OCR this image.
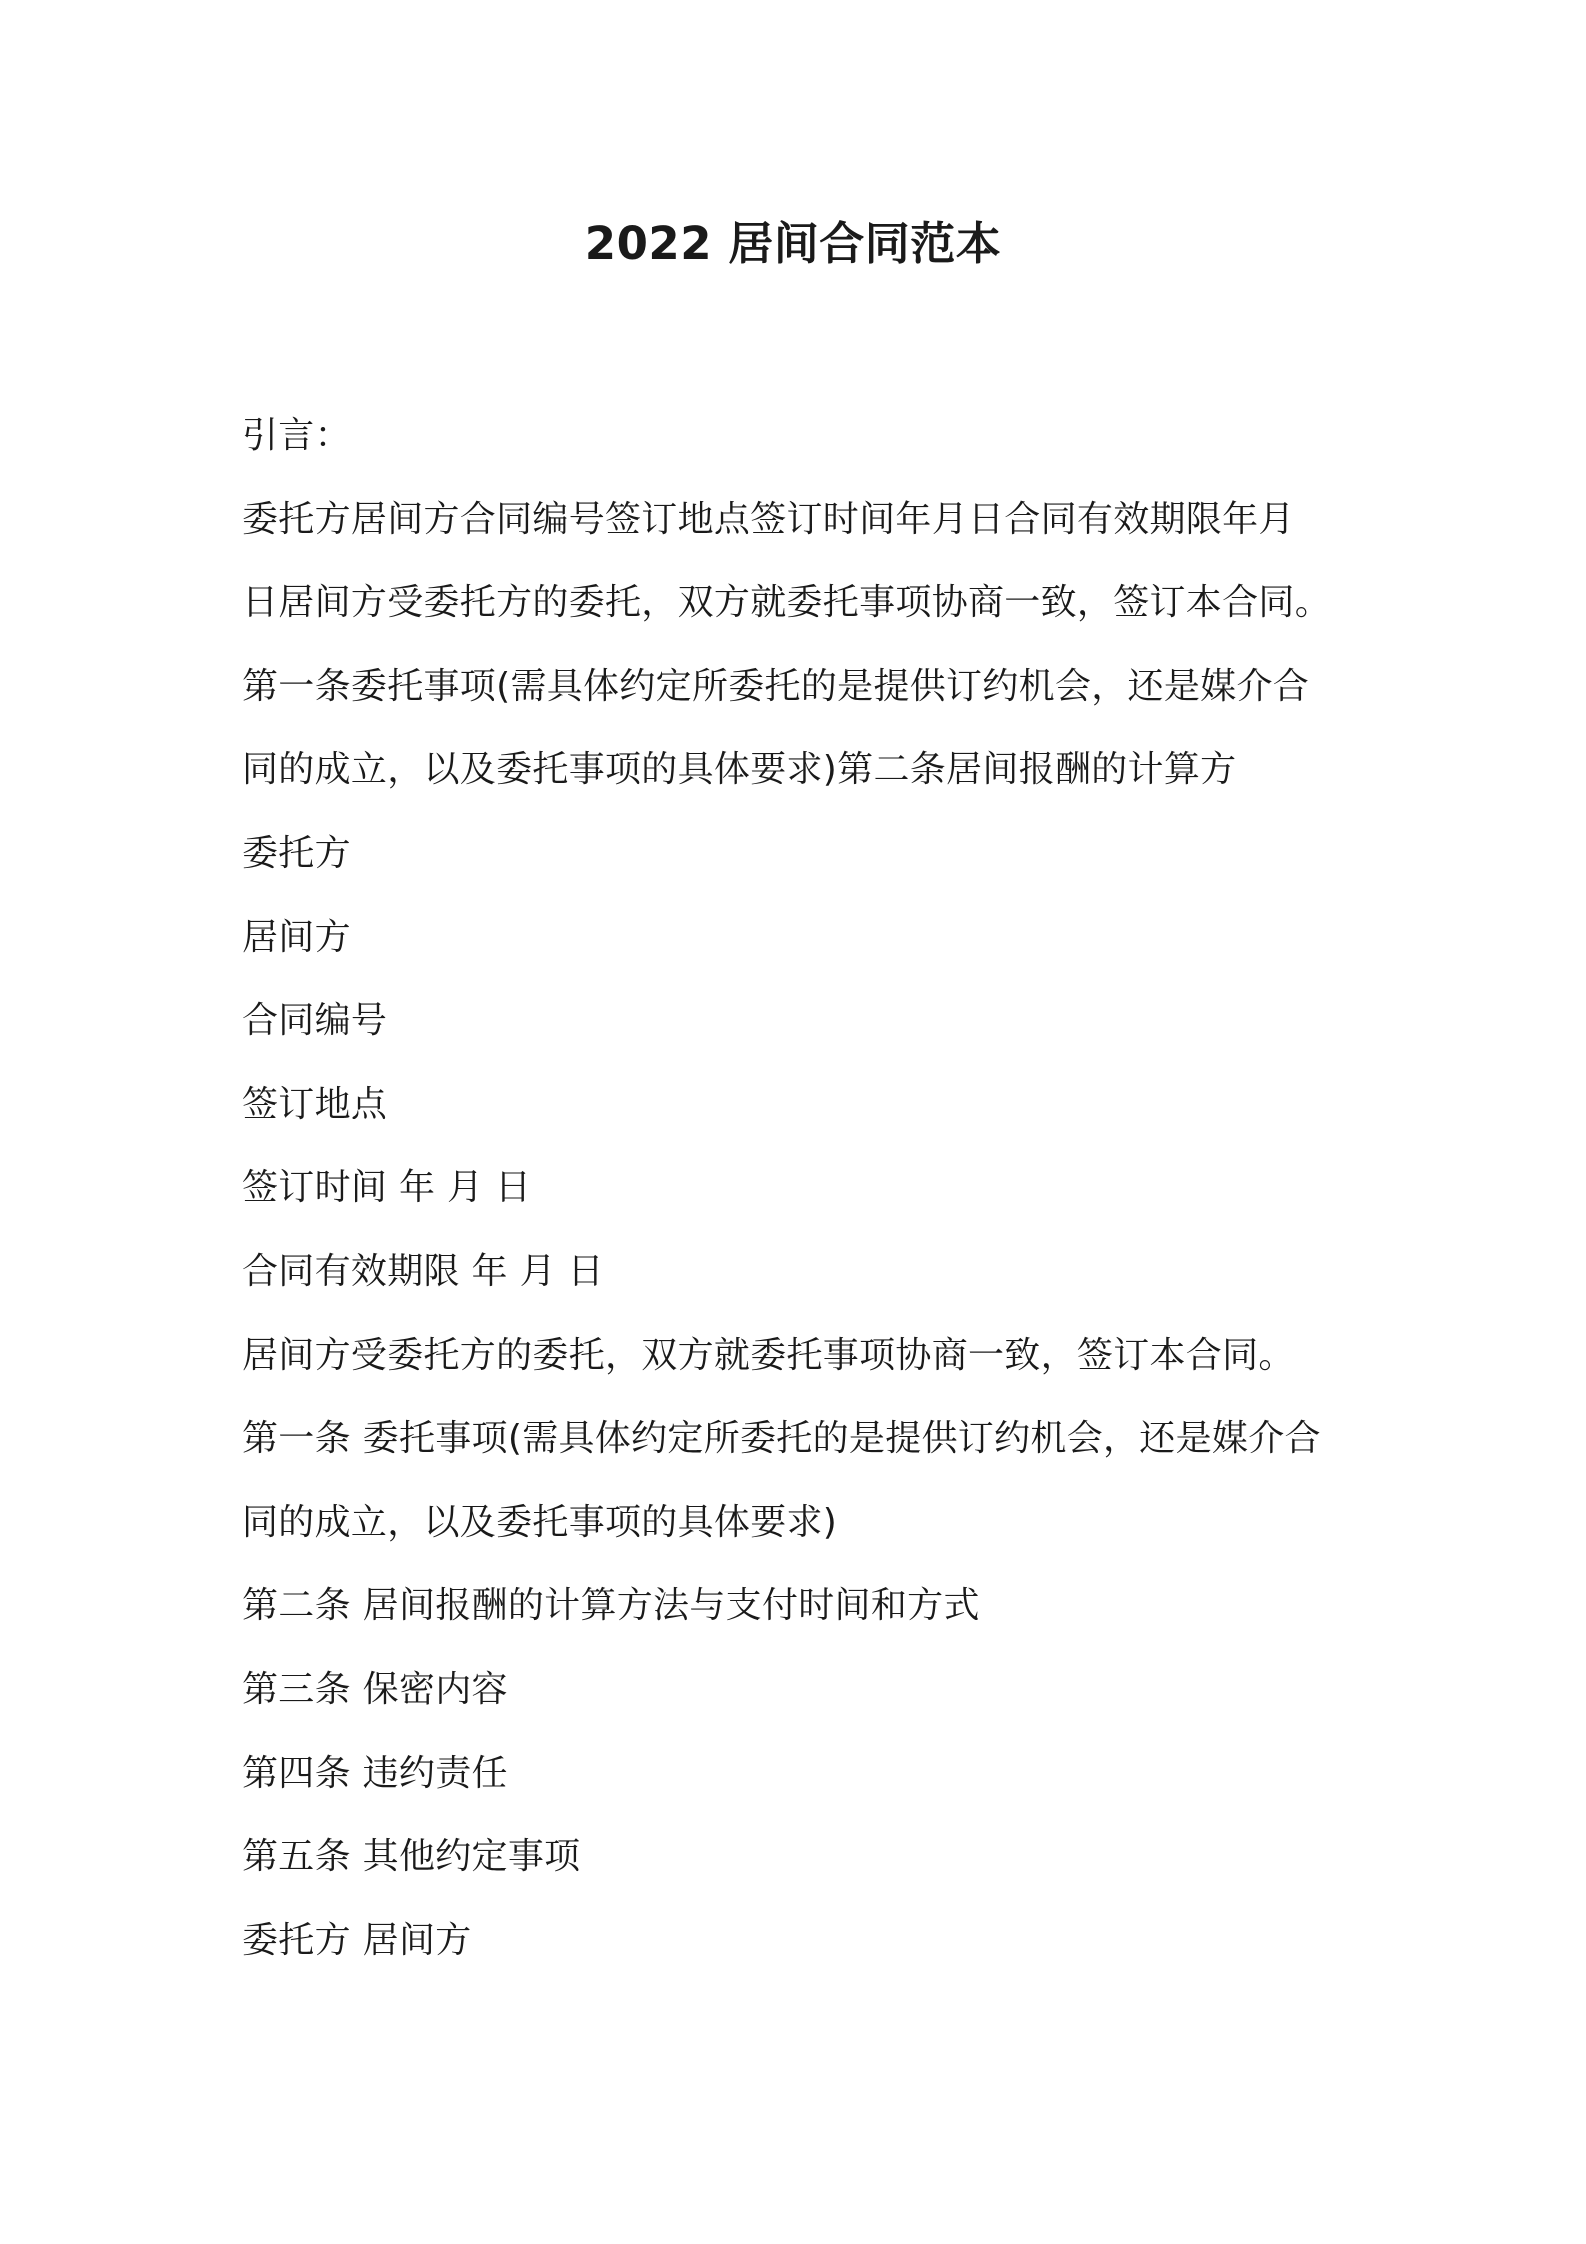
2022 居间合同范本
引言：
委托方居间方合同编号签订地点签订时间年月日合同有效期限年月
日居间方受委托方的委托，双方就委托事项协商一致，签订本合同。
第一条委托事项(需具体约定所委托的是提供订约机会，还是媒介合
同的成立，以及委托事项的具体要求)第二条居间报酬的计算方
委托方
居间方
合同编号
签订地点
签订时间 年 月 日
合同有效期限 年 月 日
居间方受委托方的委托，双方就委托事项协商一致，签订本合同。
第一条 委托事项(需具体约定所委托的是提供订约机会，还是媒介合
同的成立，以及委托事项的具体要求)
第二条 居间报酬的计算方法与支付时间和方式
第三条 保密内容
第四条 违约责任
第五条 其他约定事项
委托方 居间方
